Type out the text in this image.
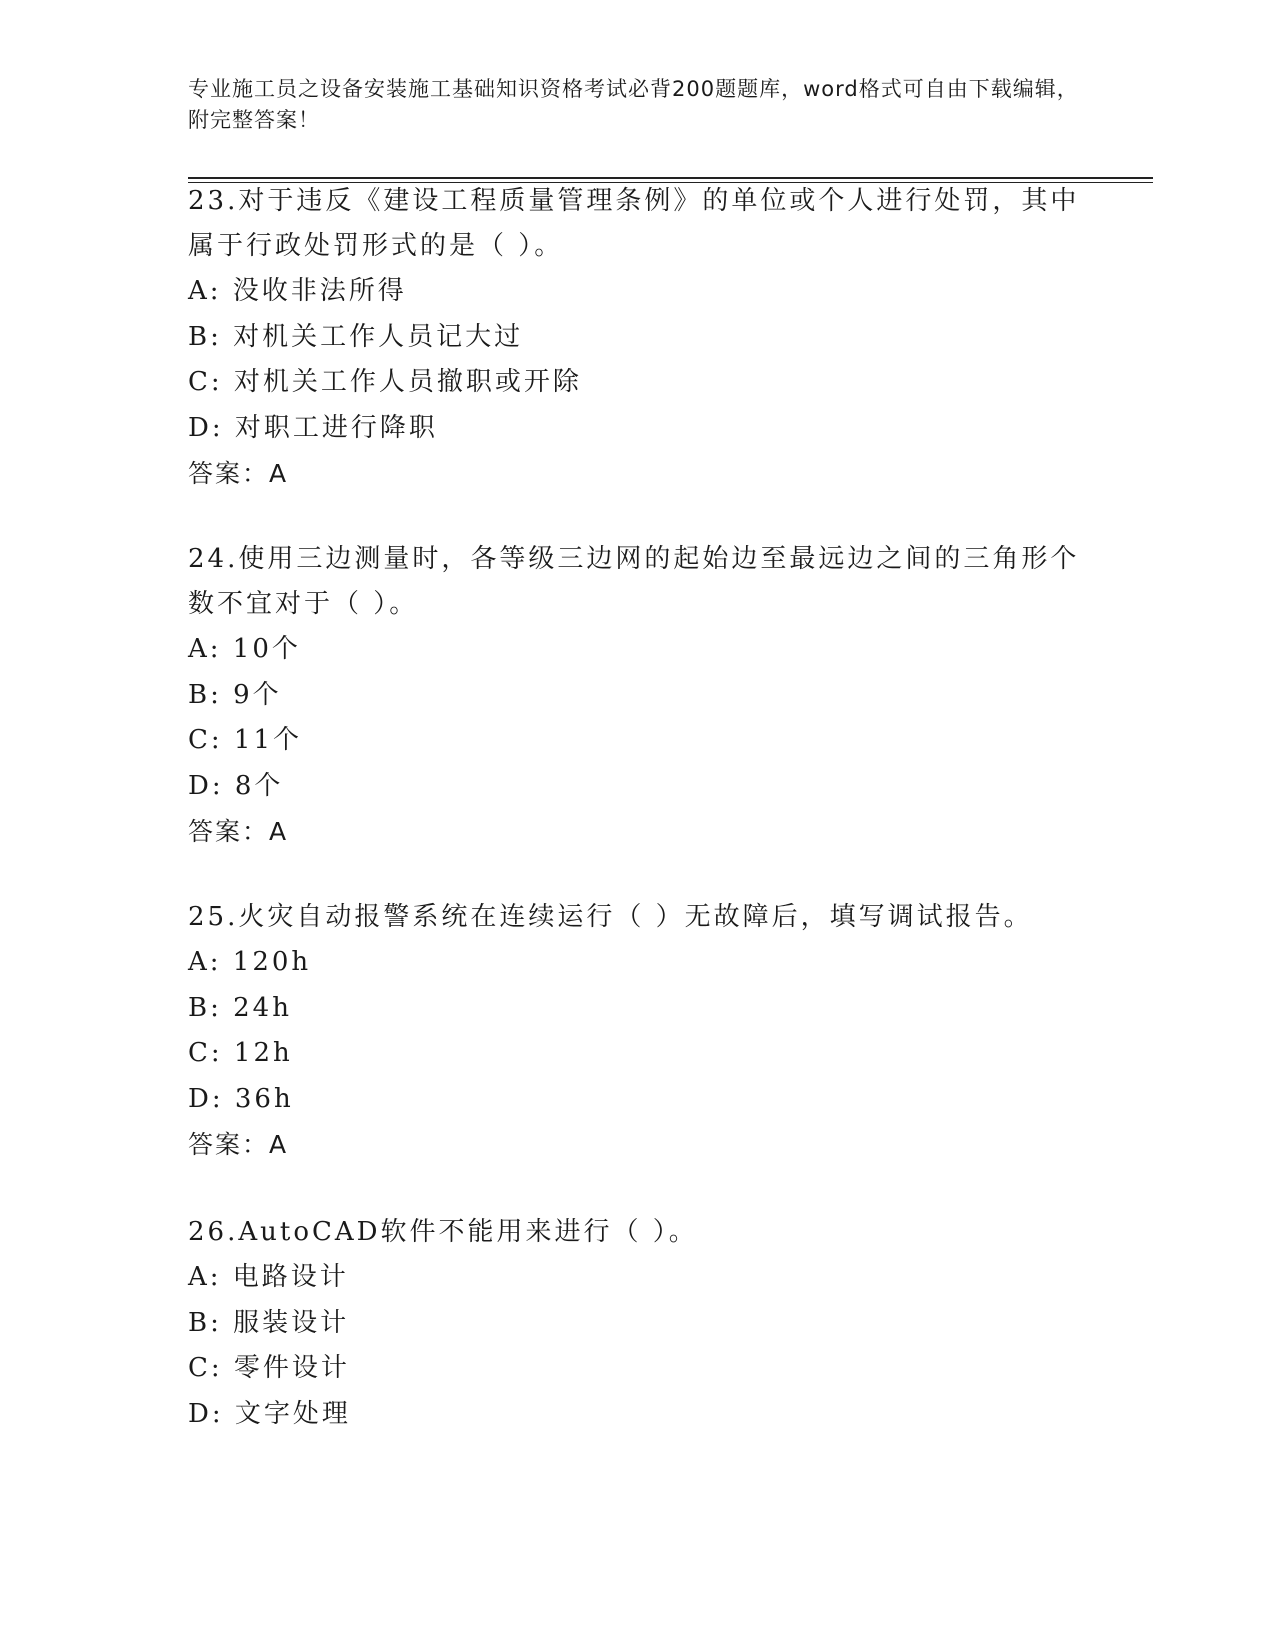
专业施工员之设备安装施工基础知识资格考试必背200题题库，word格式可自由下载编辑，附完整答案！

23.对于违反《建设工程质量管理条例》的单位或个人进行处罚，其中属于行政处罚形式的是（ ）。

A: 没收非法所得

B: 对机关工作人员记大过

C: 对机关工作人员撤职或开除

D: 对职工进行降职

答案：A

24.使用三边测量时，各等级三边网的起始边至最远边之间的三角形个数不宜对于（ ）。

A: 10个

B: 9个

C: 11个

D: 8个

答案：A

25.火灾自动报警系统在连续运行（ ）无故障后，填写调试报告。

A: 120h

B: 24h

C: 12h

D: 36h

答案：A

26.AutoCAD软件不能用来进行（ ）。

A: 电路设计

B: 服装设计

C: 零件设计

D: 文字处理
